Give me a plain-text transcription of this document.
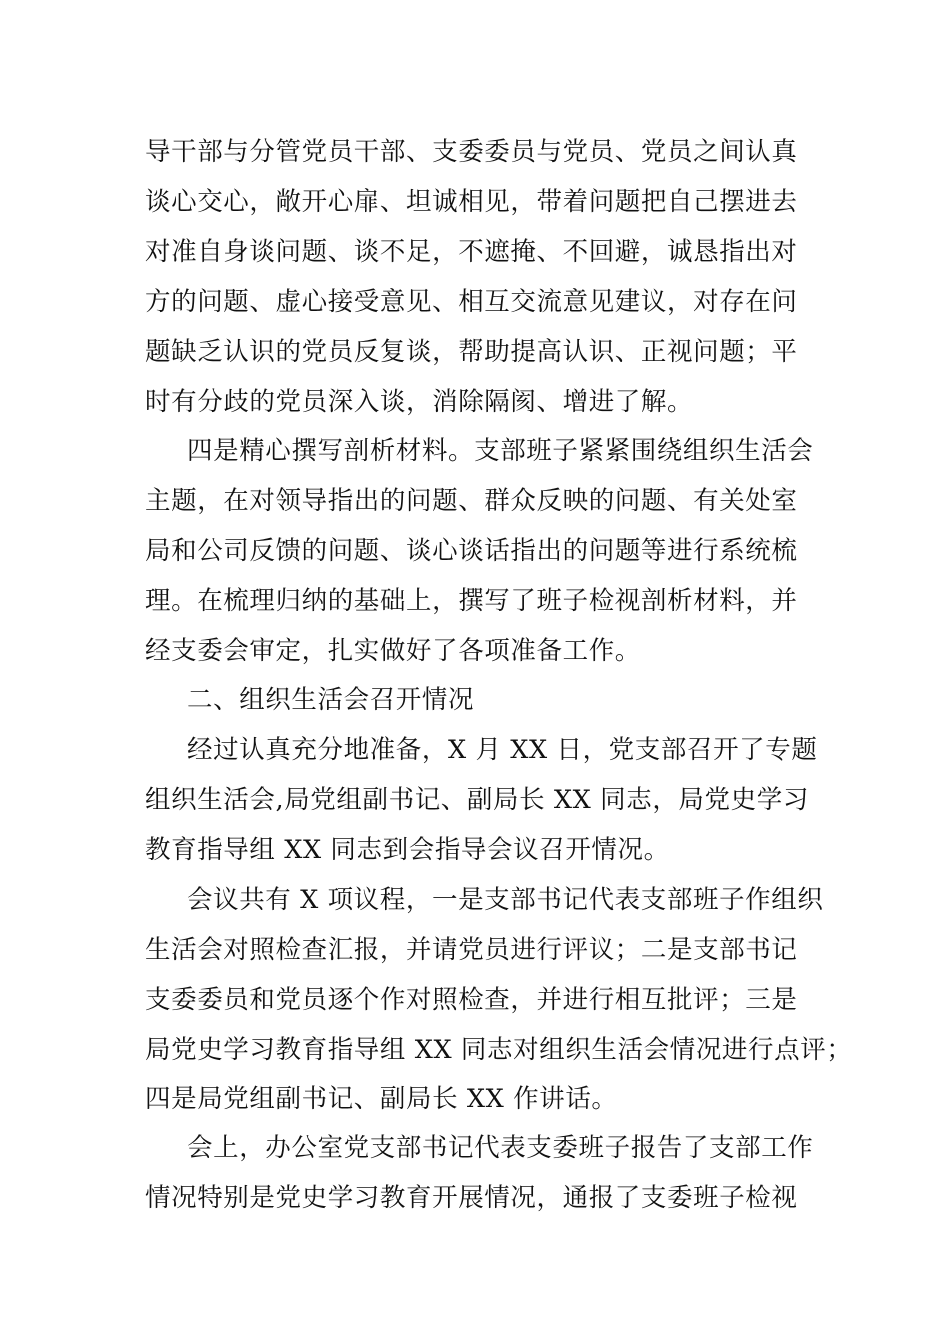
导干部与分管党员干部、支委委员与党员、党员之间认真
谈心交心，敞开心扉、坦诚相见，带着问题把自己摆进去
对准自身谈问题、谈不足，不遮掩、不回避，诚恳指出对
方的问题、虚心接受意见、相互交流意见建议，对存在问
题缺乏认识的党员反复谈，帮助提高认识、正视问题；平
时有分歧的党员深入谈，消除隔阂、增进了解。
四是精心撰写剖析材料。支部班子紧紧围绕组织生活会
主题，在对领导指出的问题、群众反映的问题、有关处室
局和公司反馈的问题、谈心谈话指出的问题等进行系统梳
理。在梳理归纳的基础上，撰写了班子检视剖析材料，并
经支委会审定，扎实做好了各项准备工作。
二、组织生活会召开情况
经过认真充分地准备，X 月 XX 日，党支部召开了专题
组织生活会,局党组副书记、副局长 XX 同志，局党史学习
教育指导组 XX 同志到会指导会议召开情况。
会议共有 X 项议程，一是支部书记代表支部班子作组织
生活会对照检查汇报，并请党员进行评议；二是支部书记
支委委员和党员逐个作对照检查，并进行相互批评；三是
局党史学习教育指导组 XX 同志对组织生活会情况进行点评；
四是局党组副书记、副局长 XX 作讲话。
会上，办公室党支部书记代表支委班子报告了支部工作
情况特别是党史学习教育开展情况，通报了支委班子检视
